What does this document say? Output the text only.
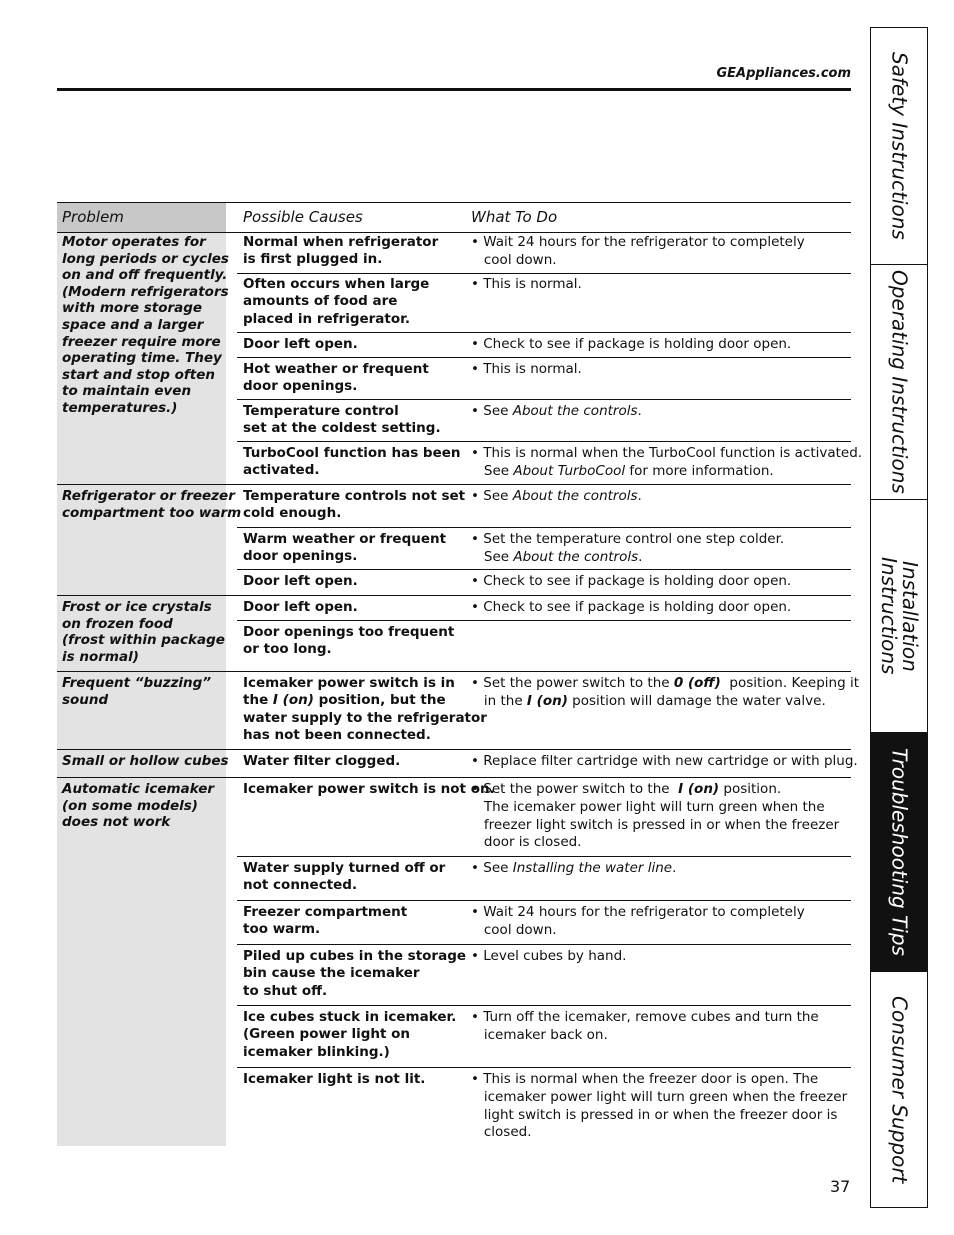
GEAppliances.com Safety Instructions
Operating Instructions
Installation
Instructions
Troubleshooting Tips
Consumer Support
Problem	Possible Causes	What To Do
Motor operates for
long periods or cycles
on and off frequently.
(Modern refrigerators
with more storage
space and a larger
freezer require more
operating time. They
start and stop often
to maintain even
temperatures.)
Refrigerator or freezer
compartment too warm
Frost or ice crystals
on frozen food
(frost within package
is normal)
Frequent “buzzing”
sound
Small or hollow cubes
Automatic icemaker
(on some models)
does not work
Normal when refrigerator
is first plugged in.
Often occurs when large
amounts of food are
placed in refrigerator.
Door left open.
Hot weather or frequent
door openings.
Temperature control
set at the coldest setting.
TurboCool function has been
activated.
Temperature controls not set
cold enough.
Warm weather or frequent
door openings.
Door left open.
Door left open.
Door openings too frequent
or too long.
Icemaker power switch is in
the I (on) position, but the
water supply to the refrigerator
has not been connected.
Water filter clogged.
Icemaker power switch is not on.
Water supply turned off or
not connected.
Freezer compartment
too warm.
Piled up cubes in the storage
bin cause the icemaker
to shut off.
Ice cubes stuck in icemaker.
(Green power light on
icemaker blinking.)
Icemaker light is not lit.
• Wait 24 hours for the refrigerator to completely
cool down.
• This is normal.
• Check to see if package is holding door open.
• This is normal.
• See About the controls.
• This is normal when the TurboCool function is activated.
See About TurboCool for more information.
• See About the controls.
• Set the temperature control one step colder.
See About the controls.
• Check to see if package is holding door open.
• Check to see if package is holding door open.
• Set the power switch to the 0 (off)  position. Keeping it
in the I (on) position will damage the water valve.
• Replace filter cartridge with new cartridge or with plug.
• Set the power switch to the  I (on) position.
The icemaker power light will turn green when the
freezer light switch is pressed in or when the freezer
door is closed.
• See Installing the water line.
• Wait 24 hours for the refrigerator to completely
cool down.
• Level cubes by hand.
• Turn off the icemaker, remove cubes and turn the
icemaker back on.
• This is normal when the freezer door is open. The
icemaker power light will turn green when the freezer
light switch is pressed in or when the freezer door is
closed.
37
